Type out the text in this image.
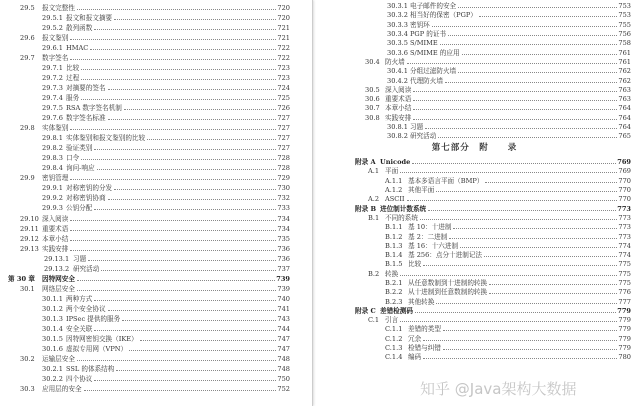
29.5	报文完整性	720
29.5.1 报文和报文摘要	720
29.5.2 散列函数	721
29.6	报文鉴别	721
29.6.1 HMAC	722
29.7	数字签名	722
29.7.1 比较	723
29.7.2 过程	723
29.7.3 对摘要的签名	724
29.7.4 服务	725
29.7.5 RSA 数字签名机制	726
29.7.6 数字签名标准	727
29.8	实体鉴别	727
29.8.1 实体鉴别和报文鉴别的比较	727
29.8.2 验证类别	727
29.8.3 口令	728
29.8.4 询问-响应	728
29.9	密钥管理	729
29.9.1 对称密钥的分发	730
29.9.2 对称密钥协商	732
29.9.3 公钥分配	733
29.10 深入阅读	734
29.11 重要术语	734
29.12 本章小结	735
29.13 实践安排	736
29.13.1 习题	736
29.13.2 研究活动	737
第 30 章	因特网安全	739
30.1	网络层安全	739
30.1.1 两种方式	740
30.1.2 两个安全协议	741
30.1.3 IPSec 提供的服务	743
30.1.4 安全关联	744
30.1.5 因特网密钥交换（IKE）	747
30.1.6 虚拟专用网（VPN）	747
30.2	运输层安全	748
30.2.1 SSL 的体系结构	748
30.2.2 四个协议	750
30.3	应用层的安全	752
30.3.1 电子邮件的安全	753
30.3.2 相当好的保密（PGP）	753
30.3.3 密钥环	755
30.3.4 PGP 的证书	756
30.3.5 S/MIME	758
30.3.6 S/MIME 的应用	761
30.4 防火墙	761
30.4.1 分组过滤防火墙	762
30.4.2 代理防火墙	762
30.5 深入阅读	763
30.6 重要术语	763
30.7 本章小结	764
30.8 实践安排	764
30.8.1 习题	764
30.8.2 研究活动	765
第七部分　附　　录
附录 A Unicode	769
A.1 平面	769
A.1.1 基本多语言平面（BMP）	770
A.1.2 其他平面	770
A.2 ASCII	770
附录 B 进位制计数系统	773
B.1 不同的系统	773
B.1.1 基 10：十进制	773
B.1.2 基 2：二进制	773
B.1.3 基 16：十六进制	774
B.1.4 基 256：点分十进制记法	774
B.1.5 比较	775
B.2 转换	775
B.2.1 从任意数制到十进制的转换	775
B.2.2 从十进制到任意数制的转换	776
B.2.3 其他转换	777
附录 C 差错检测码	779
C.1 引言	779
C.1.1 差错的类型	779
C.1.2 冗余	779
C.1.3 检错与纠错	779
C.1.4 编码	780
知乎 @Java架构大数据
